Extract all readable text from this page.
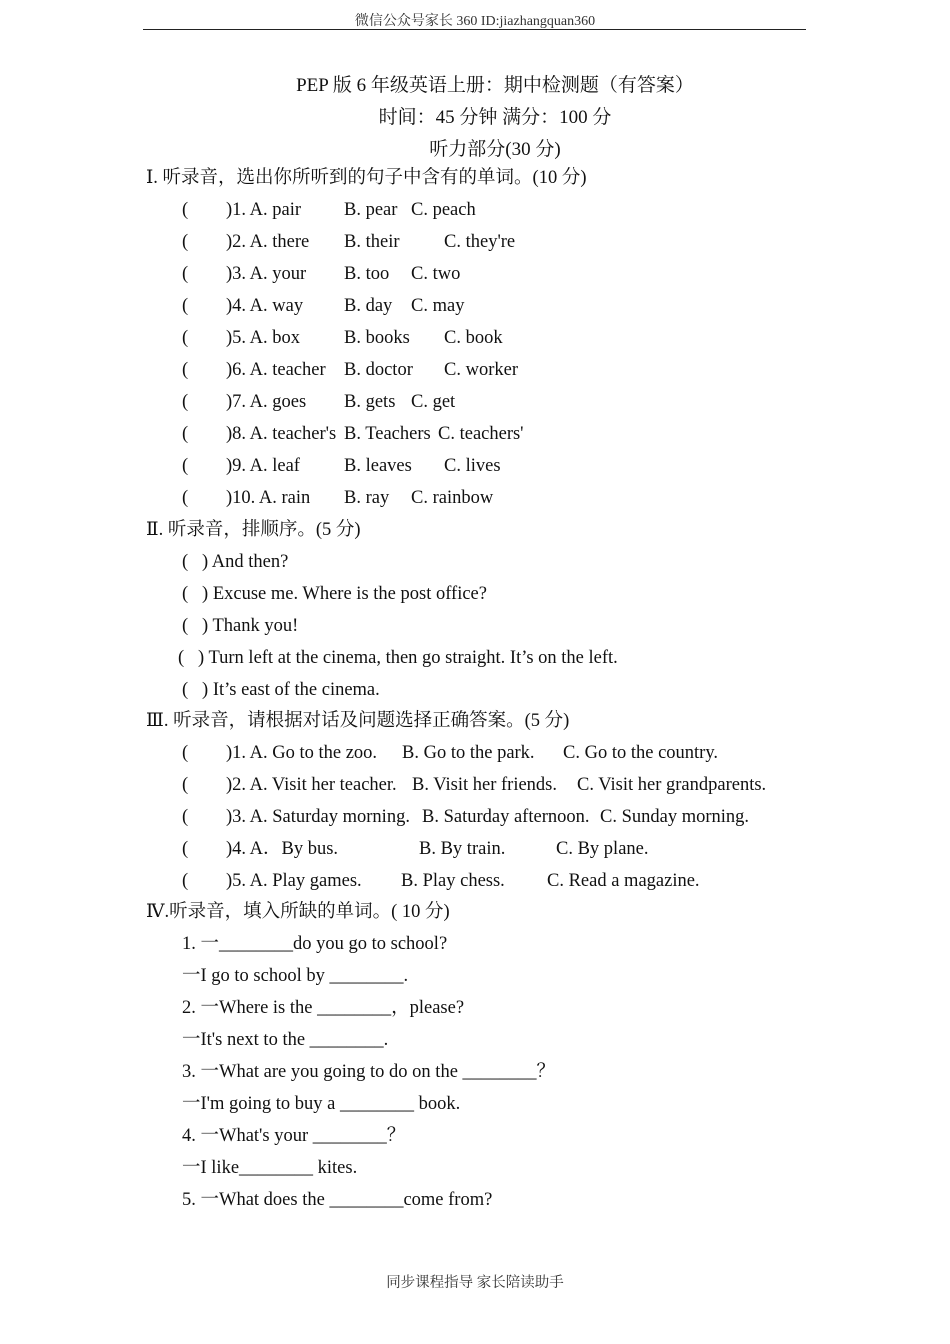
微信公众号家长 360 ID:jiazhangquan360
PEP 版 6 年级英语上册：期中检测题（有答案）
时间：45 分钟 满分：100 分
听力部分(30 分)
Ⅰ. 听录音，选出你所听到的句子中含有的单词。(10 分)
( )1. A. pair B. pear C. peach
( )2. A. there B. their C. they're
( )3. A. your B. too C. two
( )4. A. way B. day C. may
( )5. A. box B. books C. book
( )6. A. teacher B. doctor C. worker
( )7. A. goes B. gets C. get
( )8. A. teacher's B. Teachers C. teachers'
( )9. A. leaf B. leaves C. lives
( )10. A. rain B. ray C. rainbow
Ⅱ. 听录音，排顺序。(5 分)
(   ) And then?
(   ) Excuse me. Where is the post office?
(   ) Thank you!
(   ) Turn left at the cinema, then go straight. It’s on the left.
(   ) It’s east of the cinema.
Ⅲ. 听录音，请根据对话及问题选择正确答案。(5 分)
( )1. A. Go to the zoo. B. Go to the park. C. Go to the country.
( )2. A. Visit her teacher. B. Visit her friends. C. Visit her grandparents.
( )3. A. Saturday morning. B. Saturday afternoon. C. Sunday morning.
( )4. A．By bus.	B. By train.	C. By plane.
( )5. A. Play games. B. Play chess. C. Read a magazine.
Ⅳ.听录音，填入所缺的单词。( 10 分)
1. 一________do you go to school?
一I go to school by ________.
2. 一Where is the ________，please?
一It's next to the ________.
3. 一What are you going to do on the ________？
一I'm going to buy a ________ book.
4. 一What's your ________？
一I like________ kites.
5. 一What does the ________come from?
同步课程指导 家长陪读助手
